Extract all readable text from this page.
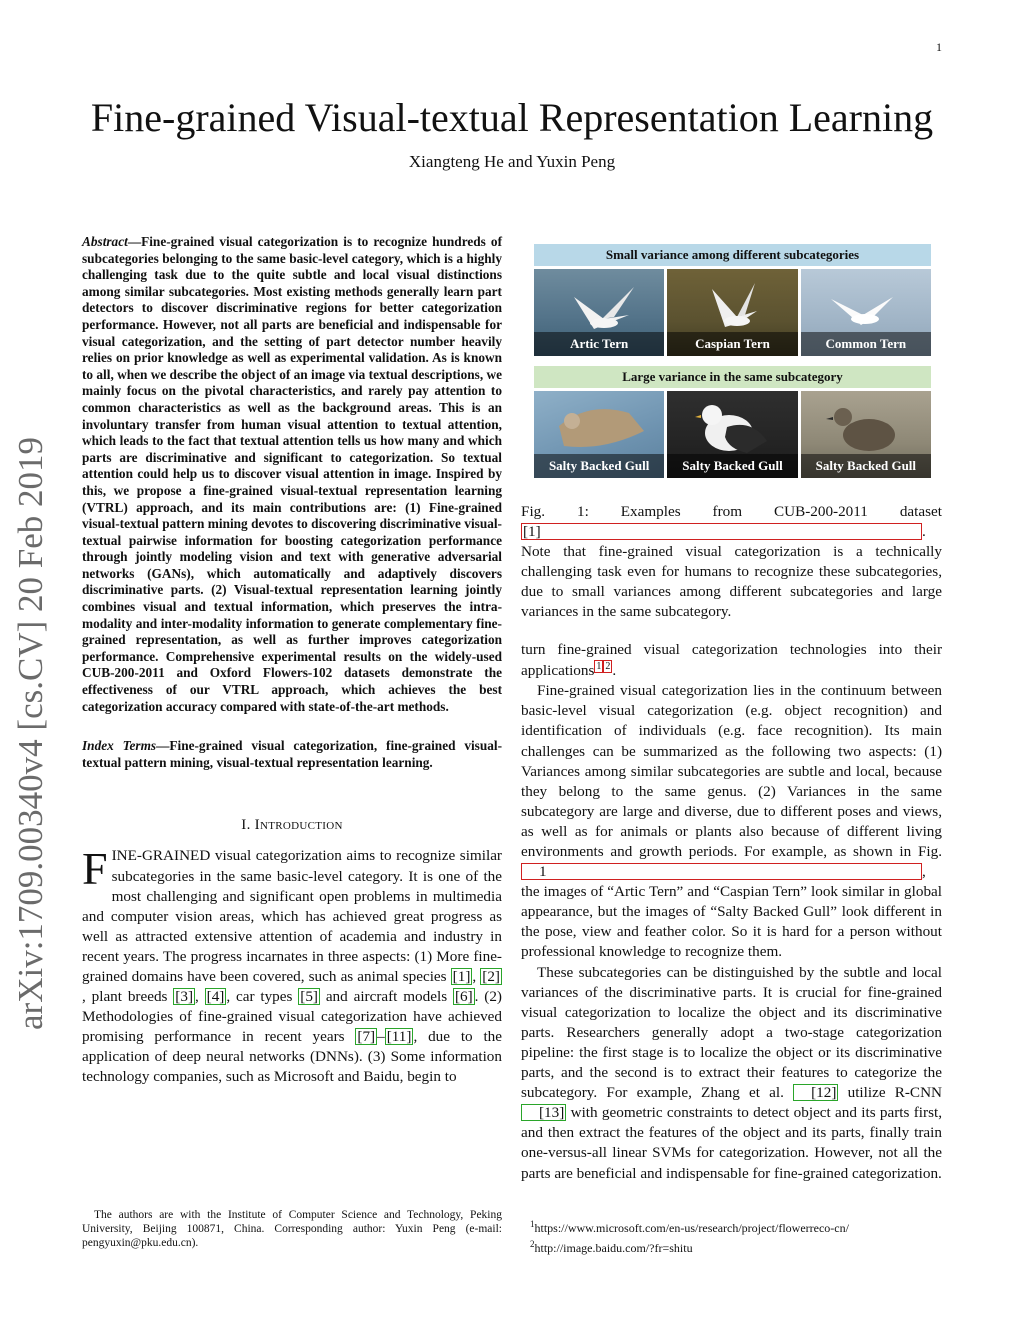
1
Fine-grained Visual-textual Representation Learning
Xiangteng He and Yuxin Peng
arXiv:1709.00340v4 [cs.CV] 20 Feb 2019
Abstract—Fine-grained visual categorization is to recognize hundreds of subcategories belonging to the same basic-level category, which is a highly challenging task due to the quite subtle and local visual distinctions among similar subcategories. Most existing methods generally learn part detectors to discover discriminative regions for better categorization performance. However, not all parts are beneficial and indispensable for visual categorization, and the setting of part detector number heavily relies on prior knowledge as well as experimental validation. As is known to all, when we describe the object of an image via textual descriptions, we mainly focus on the pivotal characteristics, and rarely pay attention to common characteristics as well as the background areas. This is an involuntary transfer from human visual attention to textual attention, which leads to the fact that textual attention tells us how many and which parts are discriminative and significant to categorization. So textual attention could help us to discover visual attention in image. Inspired by this, we propose a fine-grained visual-textual representation learning (VTRL) approach, and its main contributions are: (1) Fine-grained visual-textual pattern mining devotes to discovering discriminative visual-textual pairwise information for boosting categorization performance through jointly modeling vision and text with generative adversarial networks (GANs), which automatically and adaptively discovers discriminative parts. (2) Visual-textual representation learning jointly combines visual and textual information, which preserves the intra-modality and inter-modality information to generate complementary fine-grained representation, as well as further improves categorization performance. Comprehensive experimental results on the widely-used CUB-200-2011 and Oxford Flowers-102 datasets demonstrate the effectiveness of our VTRL approach, which achieves the best categorization accuracy compared with state-of-the-art methods.
Index Terms—Fine-grained visual categorization, fine-grained visual-textual pattern mining, visual-textual representation learning.
I. Introduction

FINE-GRAINED visual categorization aims to recognize similar subcategories in the same basic-level category. It is one of the most challenging and significant open problems in multimedia and computer vision areas, which has achieved great progress as well as attracted extensive attention of academia and industry in recent years. The progress incarnates in three aspects: (1) More fine-grained domains have been covered, such as animal species [1] , [2], plant breeds [3] , [4] , car types [5] and aircraft models [6] . (2) Methodologies of fine-grained visual categorization have achieved promising performance in recent years [7] – [11] , due to the application of deep neural networks (DNNs). (3) Some information technology companies, such as Microsoft and Baidu, begin to

The authors are with the Institute of Computer Science and Technology, Peking University, Beijing 100871, China. Corresponding author: Yuxin Peng (e-mail: pengyuxin@pku.edu.cn).

Small variance among different subcategories
Artic Tern	Caspian Tern	Common Tern
Large variance in the same subcategory
Salty Backed Gull	Salty Backed Gull	Salty Backed Gull
Fig. 1: Examples from CUB-200-2011 dataset [1]	. Note that fine-grained visual categorization is a technically challenging task even for humans to recognize these subcategories, due to small variances among different subcategories and large variances in the same subcategory.

turn fine-grained visual categorization technologies into their applications 1 2 .

Fine-grained visual categorization lies in the continuum between basic-level visual categorization (e.g. object recognition) and identification of individuals (e.g. face recognition). Its main challenges can be summarized as the following two aspects: (1) Variances among similar subcategories are subtle and local, because they belong to the same genus. (2) Variances in the same subcategory are large and diverse, due to different poses and views, as well as for animals or plants also because of different living environments and growth periods. For example, as shown in Fig. 1	, the images of “Artic Tern” and “Caspian Tern” look similar in global appearance, but the images of “Salty Backed Gull” look different in the pose, view and feather color. So it is hard for a person without professional knowledge to recognize them.

These subcategories can be distinguished by the subtle and local variances of the discriminative parts. It is crucial for fine-grained visual categorization to localize the object and its discriminative parts. Researchers generally adopt a two-stage categorization pipeline: the first stage is to localize the object or its discriminative parts, and the second is to extract their features to categorize the subcategory. For example, Zhang et al. [12] utilize R-CNN [13] with geometric constraints to detect object and its parts first, and then extract the features of the object and its parts, finally train one-versus-all linear SVMs for categorization. However, not all the parts are beneficial and indispensable for fine-grained categorization.

$^1$https://www.microsoft.com/en-us/research/project/flowerreco-cn/
$^2$http://image.baidu.com/?fr=shitu
